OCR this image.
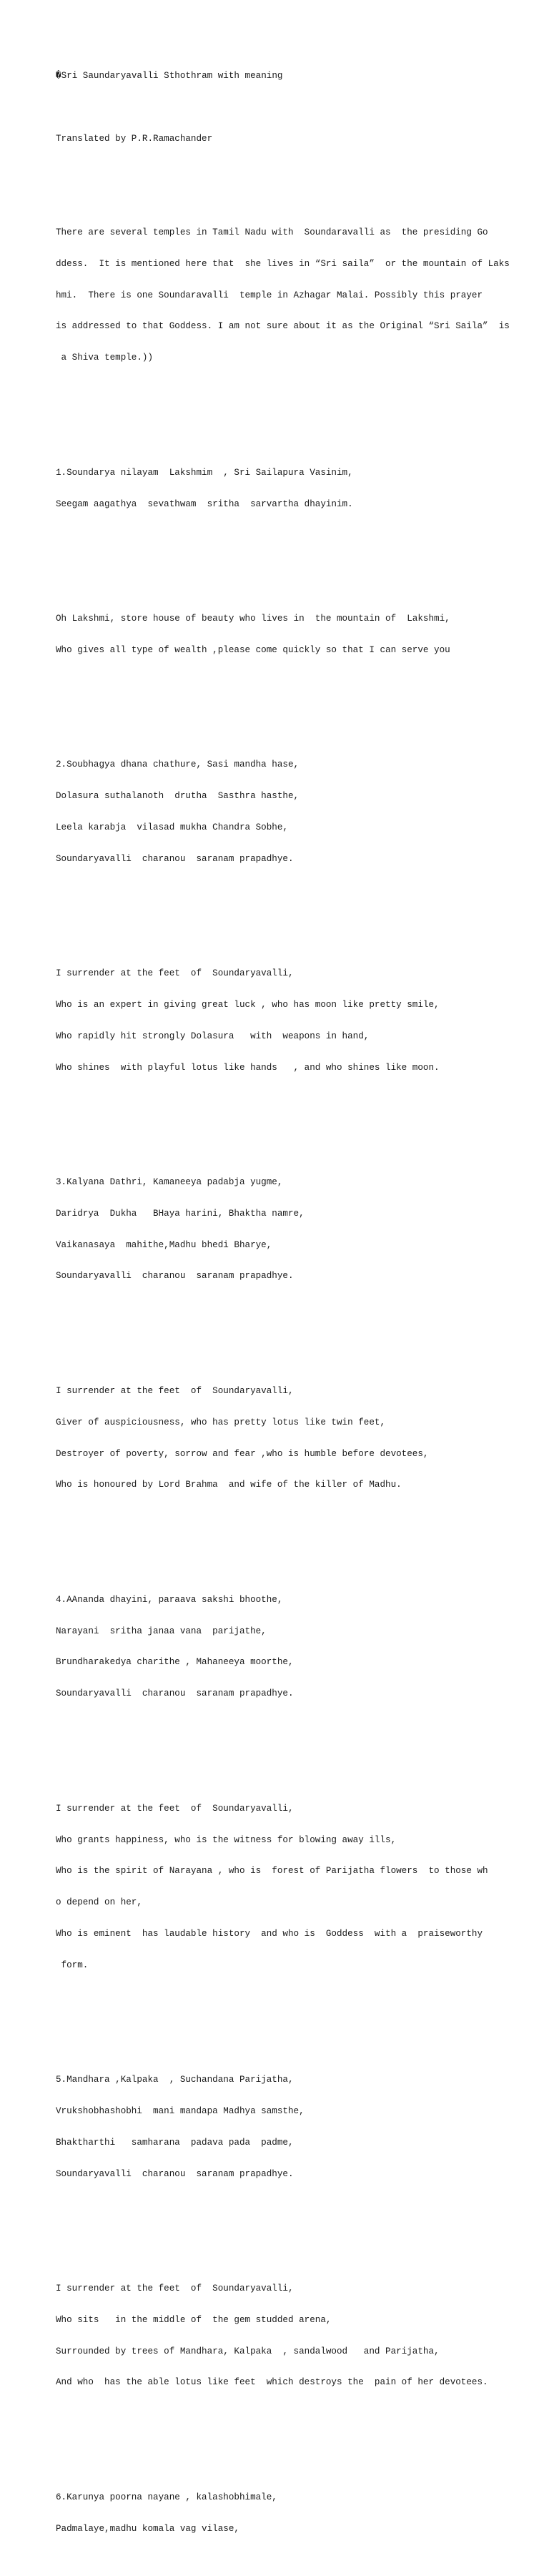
�Sri Saundaryavalli Sthothram with meaning

Translated by P.R.Ramachander

There are several temples in Tamil Nadu with  Soundaravalli as  the presiding Go

ddess.  It is mentioned here that  she lives in “Sri saila”  or the mountain of Laks

hmi.  There is one Soundaravalli  temple in Azhagar Malai. Possibly this prayer

is addressed to that Goddess. I am not sure about it as the Original “Sri Saila”  is

a Shiva temple.))

1.Soundarya nilayam  Lakshmim  , Sri Sailapura Vasinim,

Seegam aagathya  sevathwam  sritha  sarvartha dhayinim.

Oh Lakshmi, store house of beauty who lives in  the mountain of  Lakshmi,

Who gives all type of wealth ,please come quickly so that I can serve you

2.Soubhagya dhana chathure, Sasi mandha hase,

Dolasura suthalanoth  drutha  Sasthra hasthe,

Leela karabja  vilasad mukha Chandra Sobhe,

Soundaryavalli  charanou  saranam prapadhye.

I surrender at the feet  of  Soundaryavalli,

Who is an expert in giving great luck , who has moon like pretty smile,

Who rapidly hit strongly Dolasura   with  weapons in hand,

Who shines  with playful lotus like hands   , and who shines like moon.

3.Kalyana Dathri, Kamaneeya padabja yugme,

Daridrya  Dukha   BHaya harini, Bhaktha namre,

Vaikanasaya  mahithe,Madhu bhedi Bharye,

Soundaryavalli  charanou  saranam prapadhye.

I surrender at the feet  of  Soundaryavalli,

Giver of auspiciousness, who has pretty lotus like twin feet,

Destroyer of poverty, sorrow and fear ,who is humble before devotees,

Who is honoured by Lord Brahma  and wife of the killer of Madhu.

4.AAnanda dhayini, paraava sakshi bhoothe,

Narayani  sritha janaa vana  parijathe,

Brundharakedya charithe , Mahaneeya moorthe,

Soundaryavalli  charanou  saranam prapadhye.

I surrender at the feet  of  Soundaryavalli,

Who grants happiness, who is the witness for blowing away ills,

Who is the spirit of Narayana , who is  forest of Parijatha flowers  to those wh

o depend on her,

Who is eminent  has laudable history  and who is  Goddess  with a  praiseworthy

form.

5.Mandhara ,Kalpaka  , Suchandana Parijatha,

Vrukshobhashobhi  mani mandapa Madhya samsthe,

Bhaktharthi   samharana  padava pada  padme,

Soundaryavalli  charanou  saranam prapadhye.

I surrender at the feet  of  Soundaryavalli,

Who sits   in the middle of  the gem studded arena,

Surrounded by trees of Mandhara, Kalpaka  , sandalwood   and Parijatha,

And who  has the able lotus like feet  which destroys the  pain of her devotees.

6.Karunya poorna nayane , kalashobhimale,

Padmalaye,madhu komala vag vilase,
